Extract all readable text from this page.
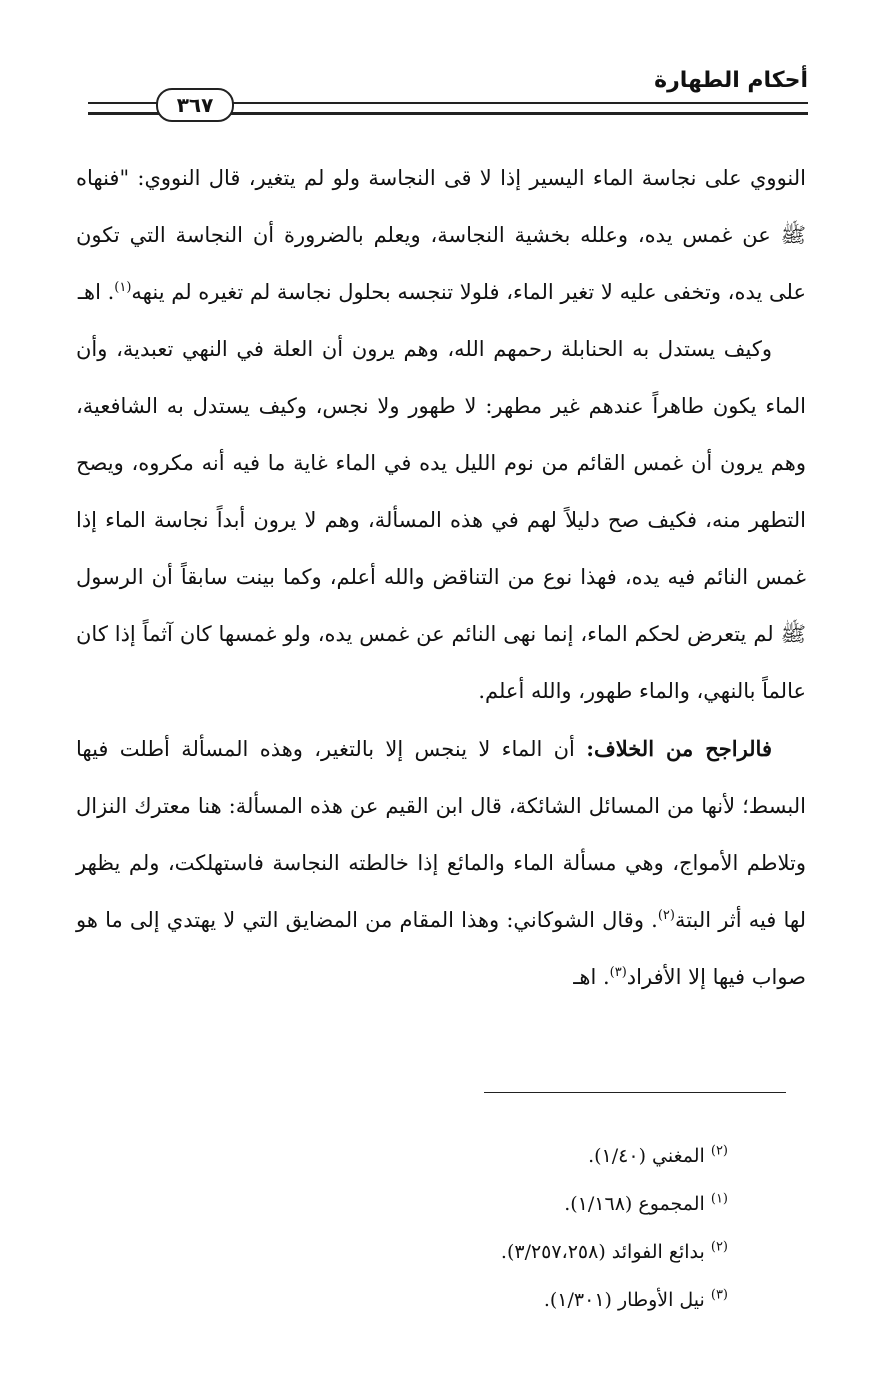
٣٦٧
أحكام الطهارة

النووي على نجاسة الماء اليسير إذا لا قى النجاسة ولو لم يتغير، قال النووي: "فنهاه ﷺ عن غمس يده، وعلله بخشية النجاسة، ويعلم بالضرورة أن النجاسة التي تكون على يده، وتخفى عليه لا تغير الماء، فلولا تنجسه بحلول نجاسة لم تغيره لم ينهه$^{(١)}$. اهـ

وكيف يستدل به الحنابلة رحمهم الله، وهم يرون أن العلة في النهي تعبدية، وأن الماء يكون طاهراً عندهم غير مطهر: لا طهور ولا نجس، وكيف يستدل به الشافعية، وهم يرون أن غمس القائم من نوم الليل يده في الماء غاية ما فيه أنه مكروه، ويصح التطهر منه، فكيف صح دليلاً لهم في هذه المسألة، وهم لا يرون أبداً نجاسة الماء إذا غمس النائم فيه يده، فهذا نوع من التناقض والله أعلم، وكما بينت سابقاً أن الرسول ﷺ لم يتعرض لحكم الماء، إنما نهى النائم عن غمس يده، ولو غمسها كان آثماً إذا كان عالماً بالنهي، والماء طهور، والله أعلم.

فالراجح من الخلاف: أن الماء لا ينجس إلا بالتغير، وهذه المسألة أطلت فيها البسط؛ لأنها من المسائل الشائكة، قال ابن القيم عن هذه المسألة: هنا معترك النزال وتلاطم الأمواج، وهي مسألة الماء والمائع إذا خالطته النجاسة فاستهلكت، ولم يظهر لها فيه أثر البتة$^{(٢)}$. وقال الشوكاني: وهذا المقام من المضايق التي لا يهتدي إلى ما هو صواب فيها إلا الأفراد$^{(٣)}$. اهـ

$^{(٢)}$ المغني (١/٤٠).
$^{(١)}$ المجموع (١/١٦٨).
$^{(٢)}$ بدائع الفوائد (٣/٢٥٧،٢٥٨).
$^{(٣)}$ نيل الأوطار (١/٣٠١).
